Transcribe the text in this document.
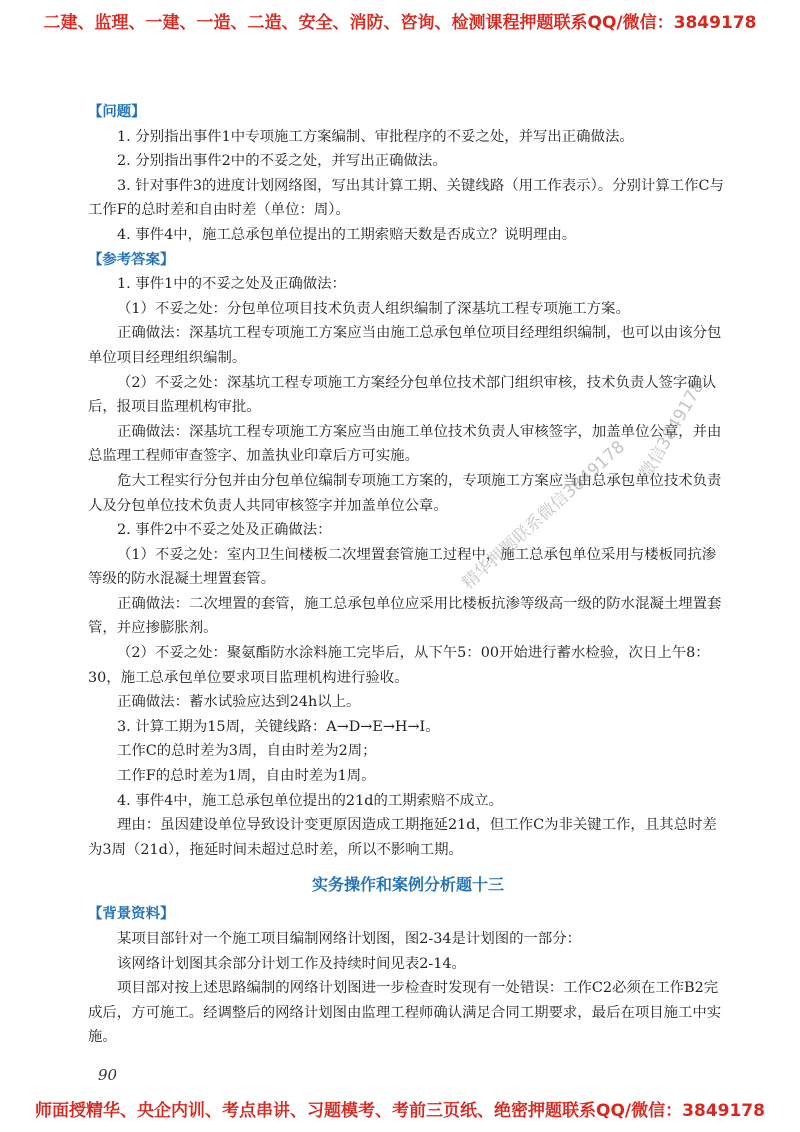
二建、监理、一建、一造、二造、安全、消防、咨询、检测课程押题联系QQ/微信：3849178
【问题】

1. 分别指出事件1中专项施工方案编制、审批程序的不妥之处，并写出正确做法。

2. 分别指出事件2中的不妥之处，并写出正确做法。

3. 针对事件3的进度计划网络图，写出其计算工期、关键线路（用工作表示）。分别计算工作C与工作F的总时差和自由时差（单位：周）。

4. 事件4中，施工总承包单位提出的工期索赔天数是否成立？说明理由。

【参考答案】

1. 事件1中的不妥之处及正确做法：

（1）不妥之处：分包单位项目技术负责人组织编制了深基坑工程专项施工方案。

正确做法：深基坑工程专项施工方案应当由施工总承包单位项目经理组织编制，也可以由该分包单位项目经理组织编制。

（2）不妥之处：深基坑工程专项施工方案经分包单位技术部门组织审核，技术负责人签字确认后，报项目监理机构审批。

正确做法：深基坑工程专项施工方案应当由施工单位技术负责人审核签字，加盖单位公章，并由总监理工程师审查签字、加盖执业印章后方可实施。

危大工程实行分包并由分包单位编制专项施工方案的，专项施工方案应当由总承包单位技术负责人及分包单位技术负责人共同审核签字并加盖单位公章。

2. 事件2中不妥之处及正确做法：

（1）不妥之处：室内卫生间楼板二次埋置套管施工过程中，施工总承包单位采用与楼板同抗渗等级的防水混凝土埋置套管。

正确做法：二次埋置的套管，施工总承包单位应采用比楼板抗渗等级高一级的防水混凝土埋置套管，并应掺膨胀剂。

（2）不妥之处：聚氨酯防水涂料施工完毕后，从下午5：00开始进行蓄水检验，次日上午8：30，施工总承包单位要求项目监理机构进行验收。

正确做法：蓄水试验应达到24h以上。

3. 计算工期为15周，关键线路：A→D→E→H→I。

工作C的总时差为3周，自由时差为2周；

工作F的总时差为1周，自由时差为1周。

4. 事件4中，施工总承包单位提出的21d的工期索赔不成立。

理由：虽因建设单位导致设计变更原因造成工期拖延21d，但工作C为非关键工作，且其总时差为3周（21d），拖延时间未超过总时差，所以不影响工期。

实务操作和案例分析题十三
【背景资料】

某项目部针对一个施工项目编制网络计划图，图2-34是计划图的一部分：

该网络计划图其余部分计划工作及持续时间见表2-14。

项目部对按上述思路编制的网络计划图进一步检查时发现有一处错误：工作C2必须在工作B2完成后，方可施工。经调整后的网络计划图由监理工程师确认满足合同工期要求，最后在项目施工中实施。

微信3849178
精华押题联系微信3849178
90
师面授精华、央企内训、考点串讲、习题模考、考前三页纸、绝密押题联系QQ/微信：3849178
